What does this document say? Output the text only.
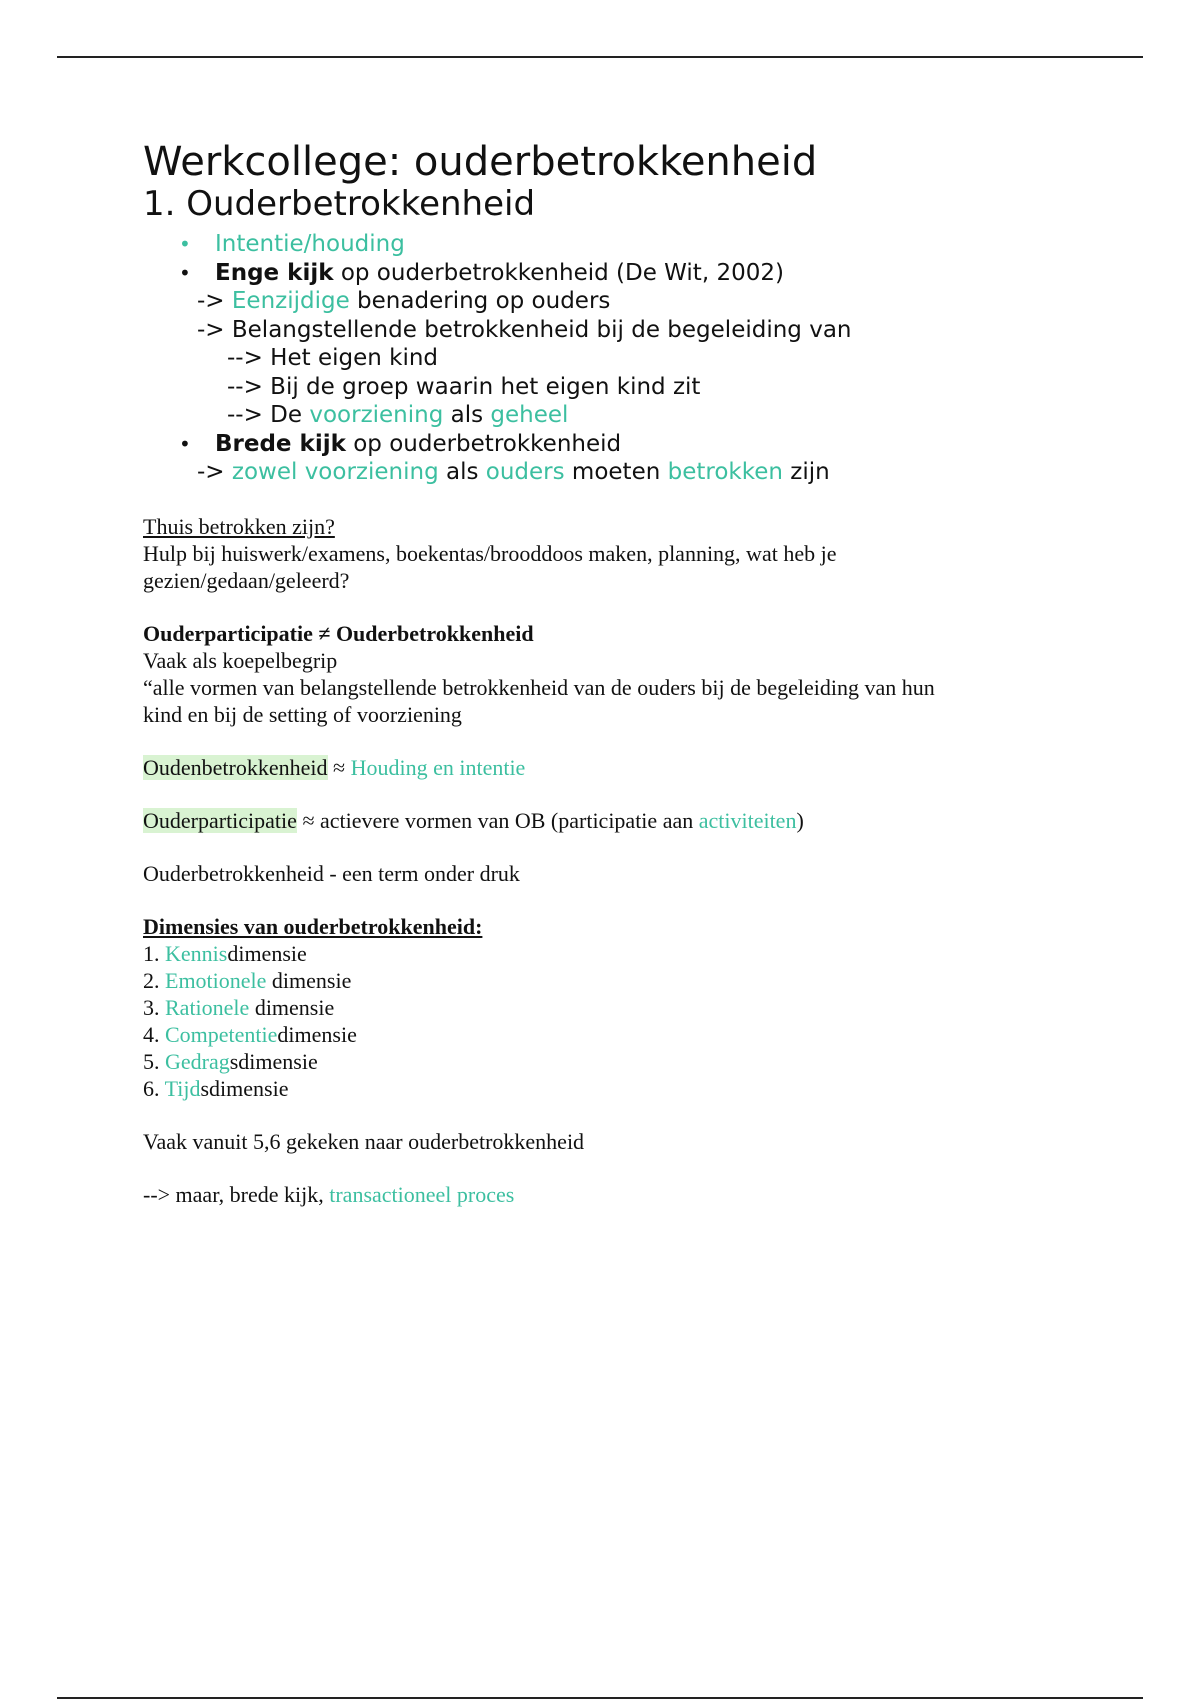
Werkcollege: ouderbetrokkenheid
1. Ouderbetrokkenheid
• Intentie/houding
• Enge kijk op ouderbetrokkenheid (De Wit, 2002)
-> Eenzijdige benadering op ouders
-> Belangstellende betrokkenheid bij de begeleiding van
--> Het eigen kind
--> Bij de groep waarin het eigen kind zit
--> De voorziening als geheel
• Brede kijk op ouderbetrokkenheid
-> zowel voorziening als ouders moeten betrokken zijn
Thuis betrokken zijn?
Hulp bij huiswerk/examens, boekentas/brooddoos maken, planning, wat heb je
gezien/gedaan/geleerd?
Ouderparticipatie ≠ Ouderbetrokkenheid
Vaak als koepelbegrip
“alle vormen van belangstellende betrokkenheid van de ouders bij de begeleiding van hun
kind en bij de setting of voorziening
Oudenbetrokkenheid ≈ Houding en intentie
Ouderparticipatie ≈ actievere vormen van OB (participatie aan activiteiten)
Ouderbetrokkenheid - een term onder druk
Dimensies van ouderbetrokkenheid:
1. Kennisdimensie
2. Emotionele dimensie
3. Rationele dimensie
4. Competentiedimensie
5. Gedragsdimensie
6. Tijdsdimensie
Vaak vanuit 5,6 gekeken naar ouderbetrokkenheid
--> maar, brede kijk, transactioneel proces
